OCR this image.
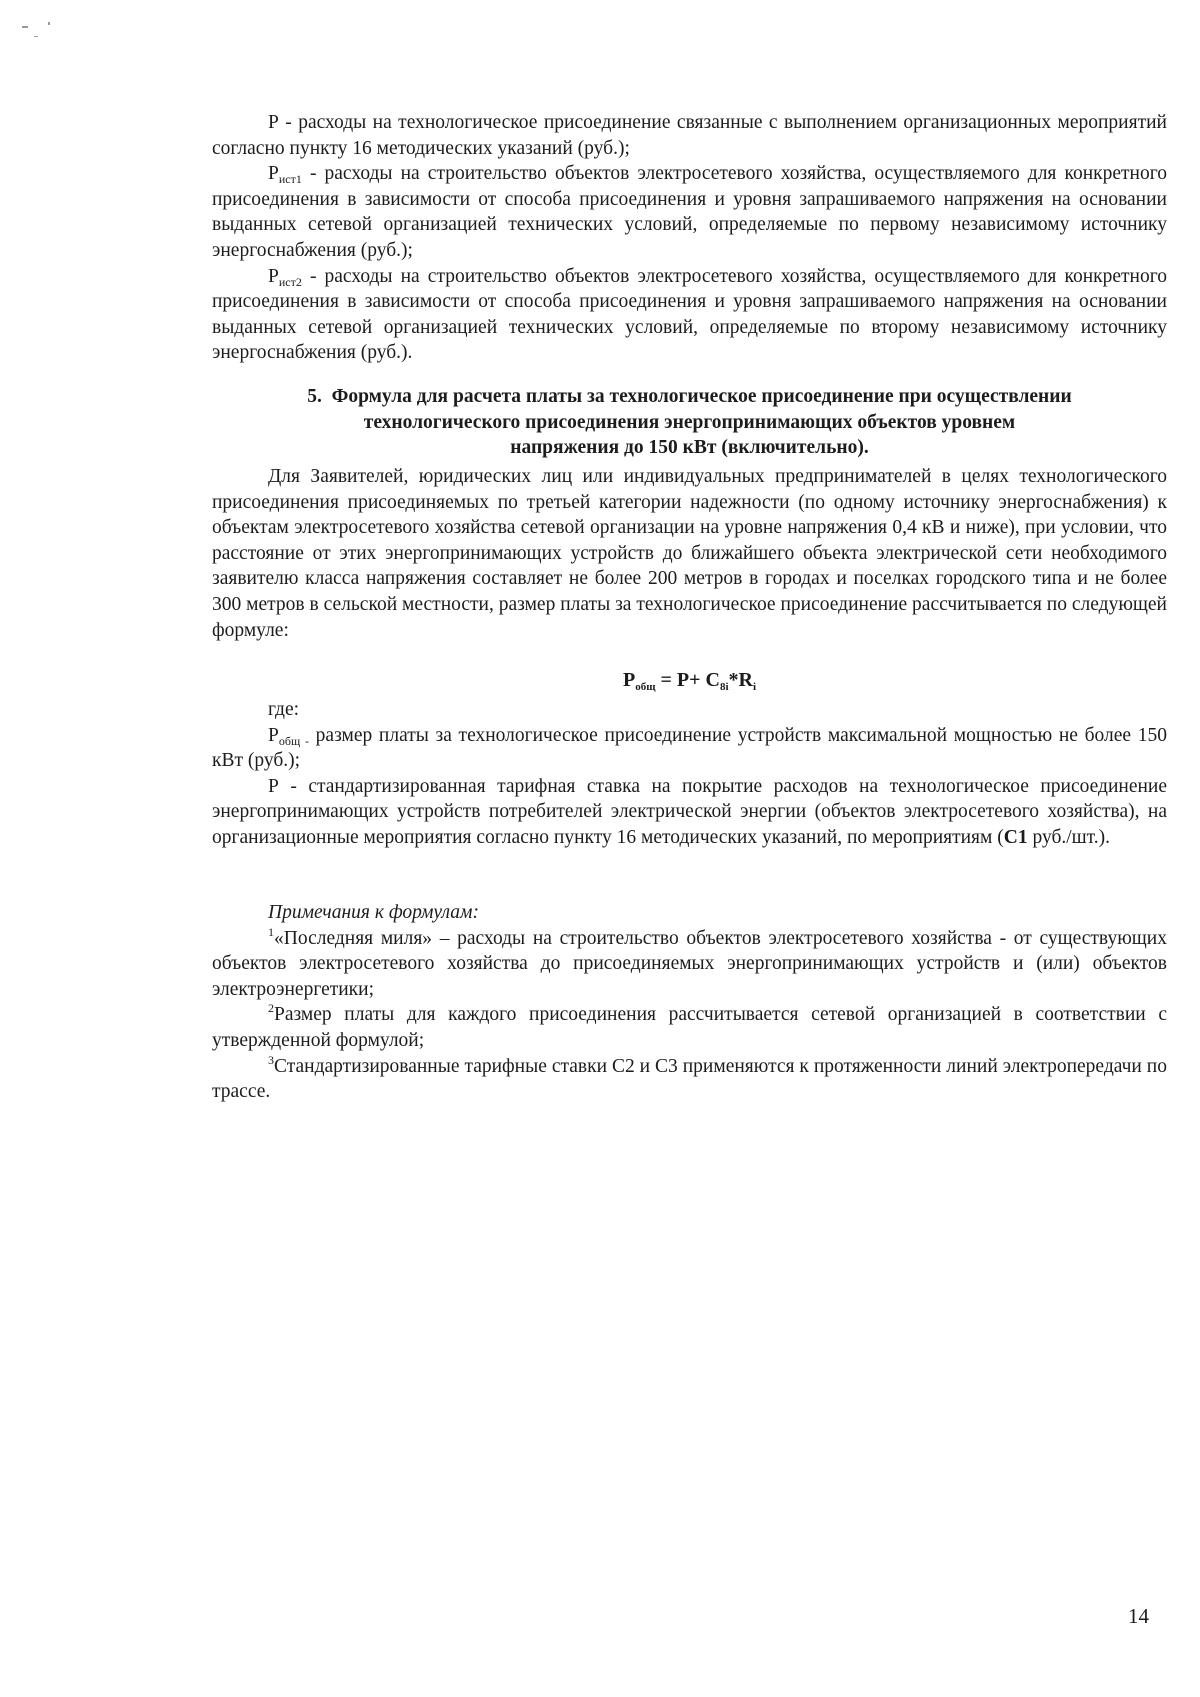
Р - расходы на технологическое присоединение связанные с выполнением организационных мероприятий согласно пункту 16 методических указаний (руб.);

$Р_{ист1}$ - расходы на строительство объектов электросетевого хозяйства, осуществляемого для конкретного присоединения в зависимости от способа присоединения и уровня запрашиваемого напряжения на основании выданных сетевой организацией технических условий, определяемые по первому независимому источнику энергоснабжения (руб.);

$Р_{ист2}$ - расходы на строительство объектов электросетевого хозяйства, осуществляемого для конкретного присоединения в зависимости от способа присоединения и уровня запрашиваемого напряжения на основании выданных сетевой организацией технических условий, определяемые по второму независимому источнику энергоснабжения (руб.).

5. Формула для расчета платы за технологическое присоединение при осуществлении
технологического присоединения энергопринимающих объектов уровнем
напряжения до 150 кВт (включительно).

Для Заявителей, юридических лиц или индивидуальных предпринимателей в целях технологического присоединения присоединяемых по третьей категории надежности (по одному источнику энергоснабжения) к объектам электросетевого хозяйства сетевой организации на уровне напряжения 0,4 кВ и ниже), при условии, что расстояние от этих энергопринимающих устройств до ближайшего объекта электрической сети необходимого заявителю класса напряжения составляет не более 200 метров в городах и поселках городского типа и не более 300 метров в сельской местности, размер платы за технологическое присоединение рассчитывается по следующей формуле:

$Р_{общ} = Р+ С_{8i}*R_i$

где:

$Р_{общ -}$ размер платы за технологическое присоединение устройств максимальной мощностью не более 150 кВт (руб.);

Р - стандартизированная тарифная ставка на покрытие расходов на технологическое присоединение энергопринимающих устройств потребителей электрической энергии (объектов электросетевого хозяйства), на организационные мероприятия согласно пункту 16 методических указаний, по мероприятиям (С1 руб./шт.).

Примечания к формулам:

$^1$«Последняя миля» – расходы на строительство объектов электросетевого хозяйства - от существующих объектов электросетевого хозяйства до присоединяемых энергопринимающих устройств и (или) объектов электроэнергетики;

$^2$Размер платы для каждого присоединения рассчитывается сетевой организацией в соответствии с утвержденной формулой;

$^3$Стандартизированные тарифные ставки С2 и С3 применяются к протяженности линий электропередачи по трассе.

14
